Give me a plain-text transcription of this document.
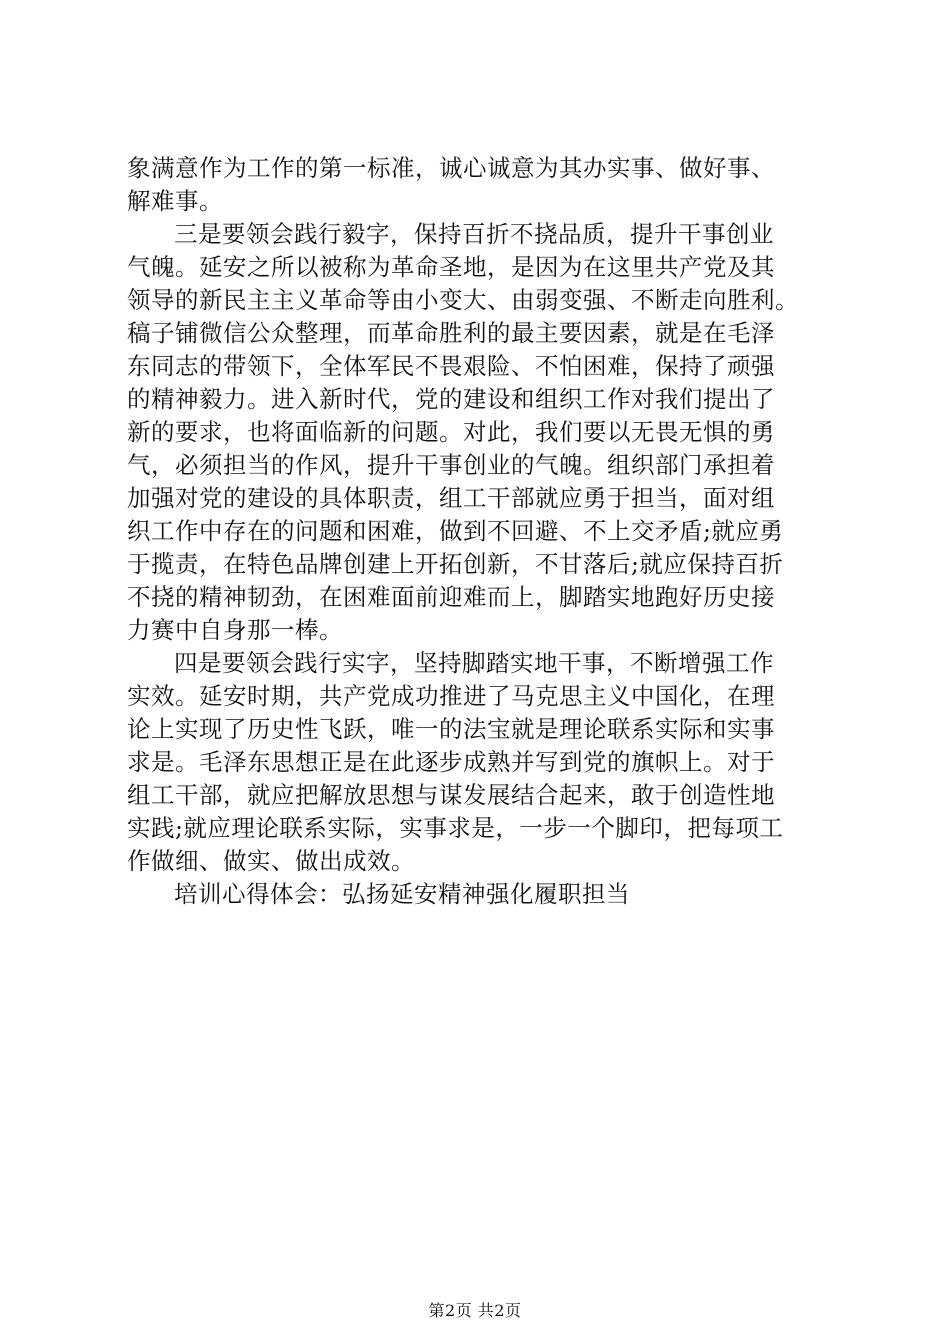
象满意作为工作的第一标准，诚心诚意为其办实事、做好事、
解难事。
三是要领会践行毅字，保持百折不挠品质，提升干事创业
气魄。延安之所以被称为革命圣地，是因为在这里共产党及其
领导的新民主主义革命等由小变大、由弱变强、不断走向胜利。
稿子铺微信公众整理，而革命胜利的最主要因素，就是在毛泽
东同志的带领下，全体军民不畏艰险、不怕困难，保持了顽强
的精神毅力。进入新时代，党的建设和组织工作对我们提出了
新的要求，也将面临新的问题。对此，我们要以无畏无惧的勇
气，必须担当的作风，提升干事创业的气魄。组织部门承担着
加强对党的建设的具体职责，组工干部就应勇于担当，面对组
织工作中存在的问题和困难，做到不回避、不上交矛盾;就应勇
于揽责，在特色品牌创建上开拓创新，不甘落后;就应保持百折
不挠的精神韧劲，在困难面前迎难而上，脚踏实地跑好历史接
力赛中自身那一棒。
四是要领会践行实字，坚持脚踏实地干事，不断增强工作
实效。延安时期，共产党成功推进了马克思主义中国化，在理
论上实现了历史性飞跃，唯一的法宝就是理论联系实际和实事
求是。毛泽东思想正是在此逐步成熟并写到党的旗帜上。对于
组工干部，就应把解放思想与谋发展结合起来，敢于创造性地
实践;就应理论联系实际，实事求是，一步一个脚印，把每项工
作做细、做实、做出成效。
培训心得体会：弘扬延安精神强化履职担当
第2页 共2页
